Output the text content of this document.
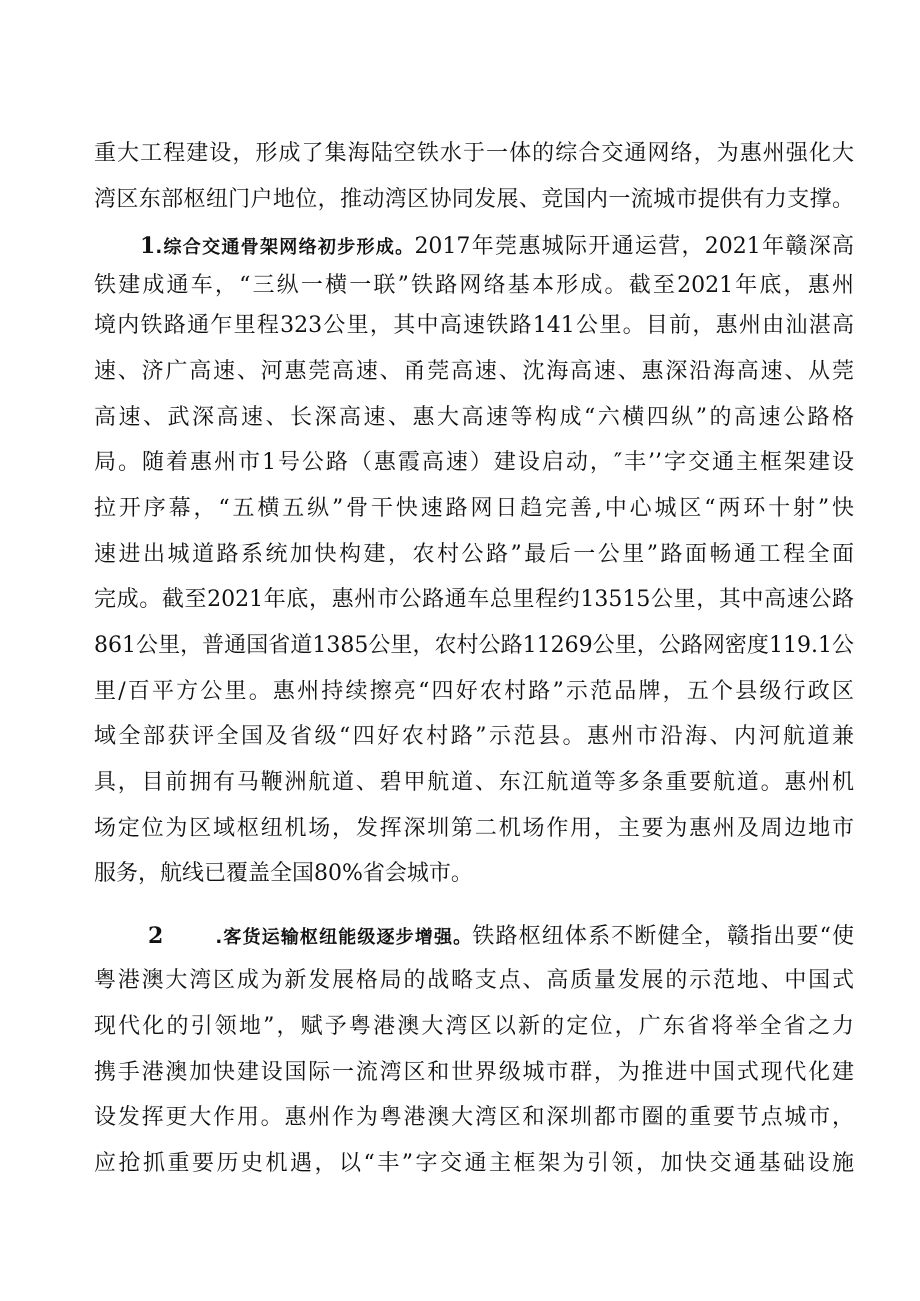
重大工程建设，形成了集海陆空铁水于一体的综合交通网络，为惠州强化大
湾区东部枢纽门户地位，推动湾区协同发展、竞国内一流城市提供有力支撑。
1.综合交通骨架网络初步形成。2017年莞惠城际开通运营，2021年赣深高
铁建成通车，“三纵一横一联”铁路网络基本形成。截至2021年底，惠州
境内铁路通乍里程323公里，其中高速铁路141公里。目前，惠州由汕湛高
速、济广高速、河惠莞高速、甬莞高速、沈海高速、惠深沿海高速、从莞
高速、武深高速、长深高速、惠大高速等构成“六横四纵”的高速公路格
局。随着惠州市1号公路（惠霞高速）建设启动，″丰’’字交通主框架建设
拉开序幕，“五横五纵”骨干快速路网日趋完善,中心城区“两环十射”快
速进出城道路系统加快构建，农村公路”最后一公里”路面畅通工程全面
完成。截至2021年底，惠州市公路通车总里程约13515公里，其中高速公路
861公里，普通国省道1385公里，农村公路11269公里，公路网密度119.1公
里/百平方公里。惠州持续擦亮“四好农村路”示范品牌，五个县级行政区
域全部获评全国及省级“四好农村路”示范县。惠州市沿海、内河航道兼
具，目前拥有马鞭洲航道、碧甲航道、东江航道等多条重要航道。惠州机
场定位为区域枢纽机场，发挥深圳第二机场作用，主要为惠州及周边地市
服务，航线已覆盖全国80%省会城市。
2	.客货运输枢纽能级逐步增强。铁路枢纽体系不断健全，赣指出要“使
粤港澳大湾区成为新发展格局的战略支点、高质量发展的示范地、中国式
现代化的引领地”，赋予粤港澳大湾区以新的定位，广东省将举全省之力
携手港澳加快建设国际一流湾区和世界级城市群，为推进中国式现代化建
设发挥更大作用。惠州作为粤港澳大湾区和深圳都市圈的重要节点城市，
应抢抓重要历史机遇，以“丰”字交通主框架为引领，加快交通基础设施
